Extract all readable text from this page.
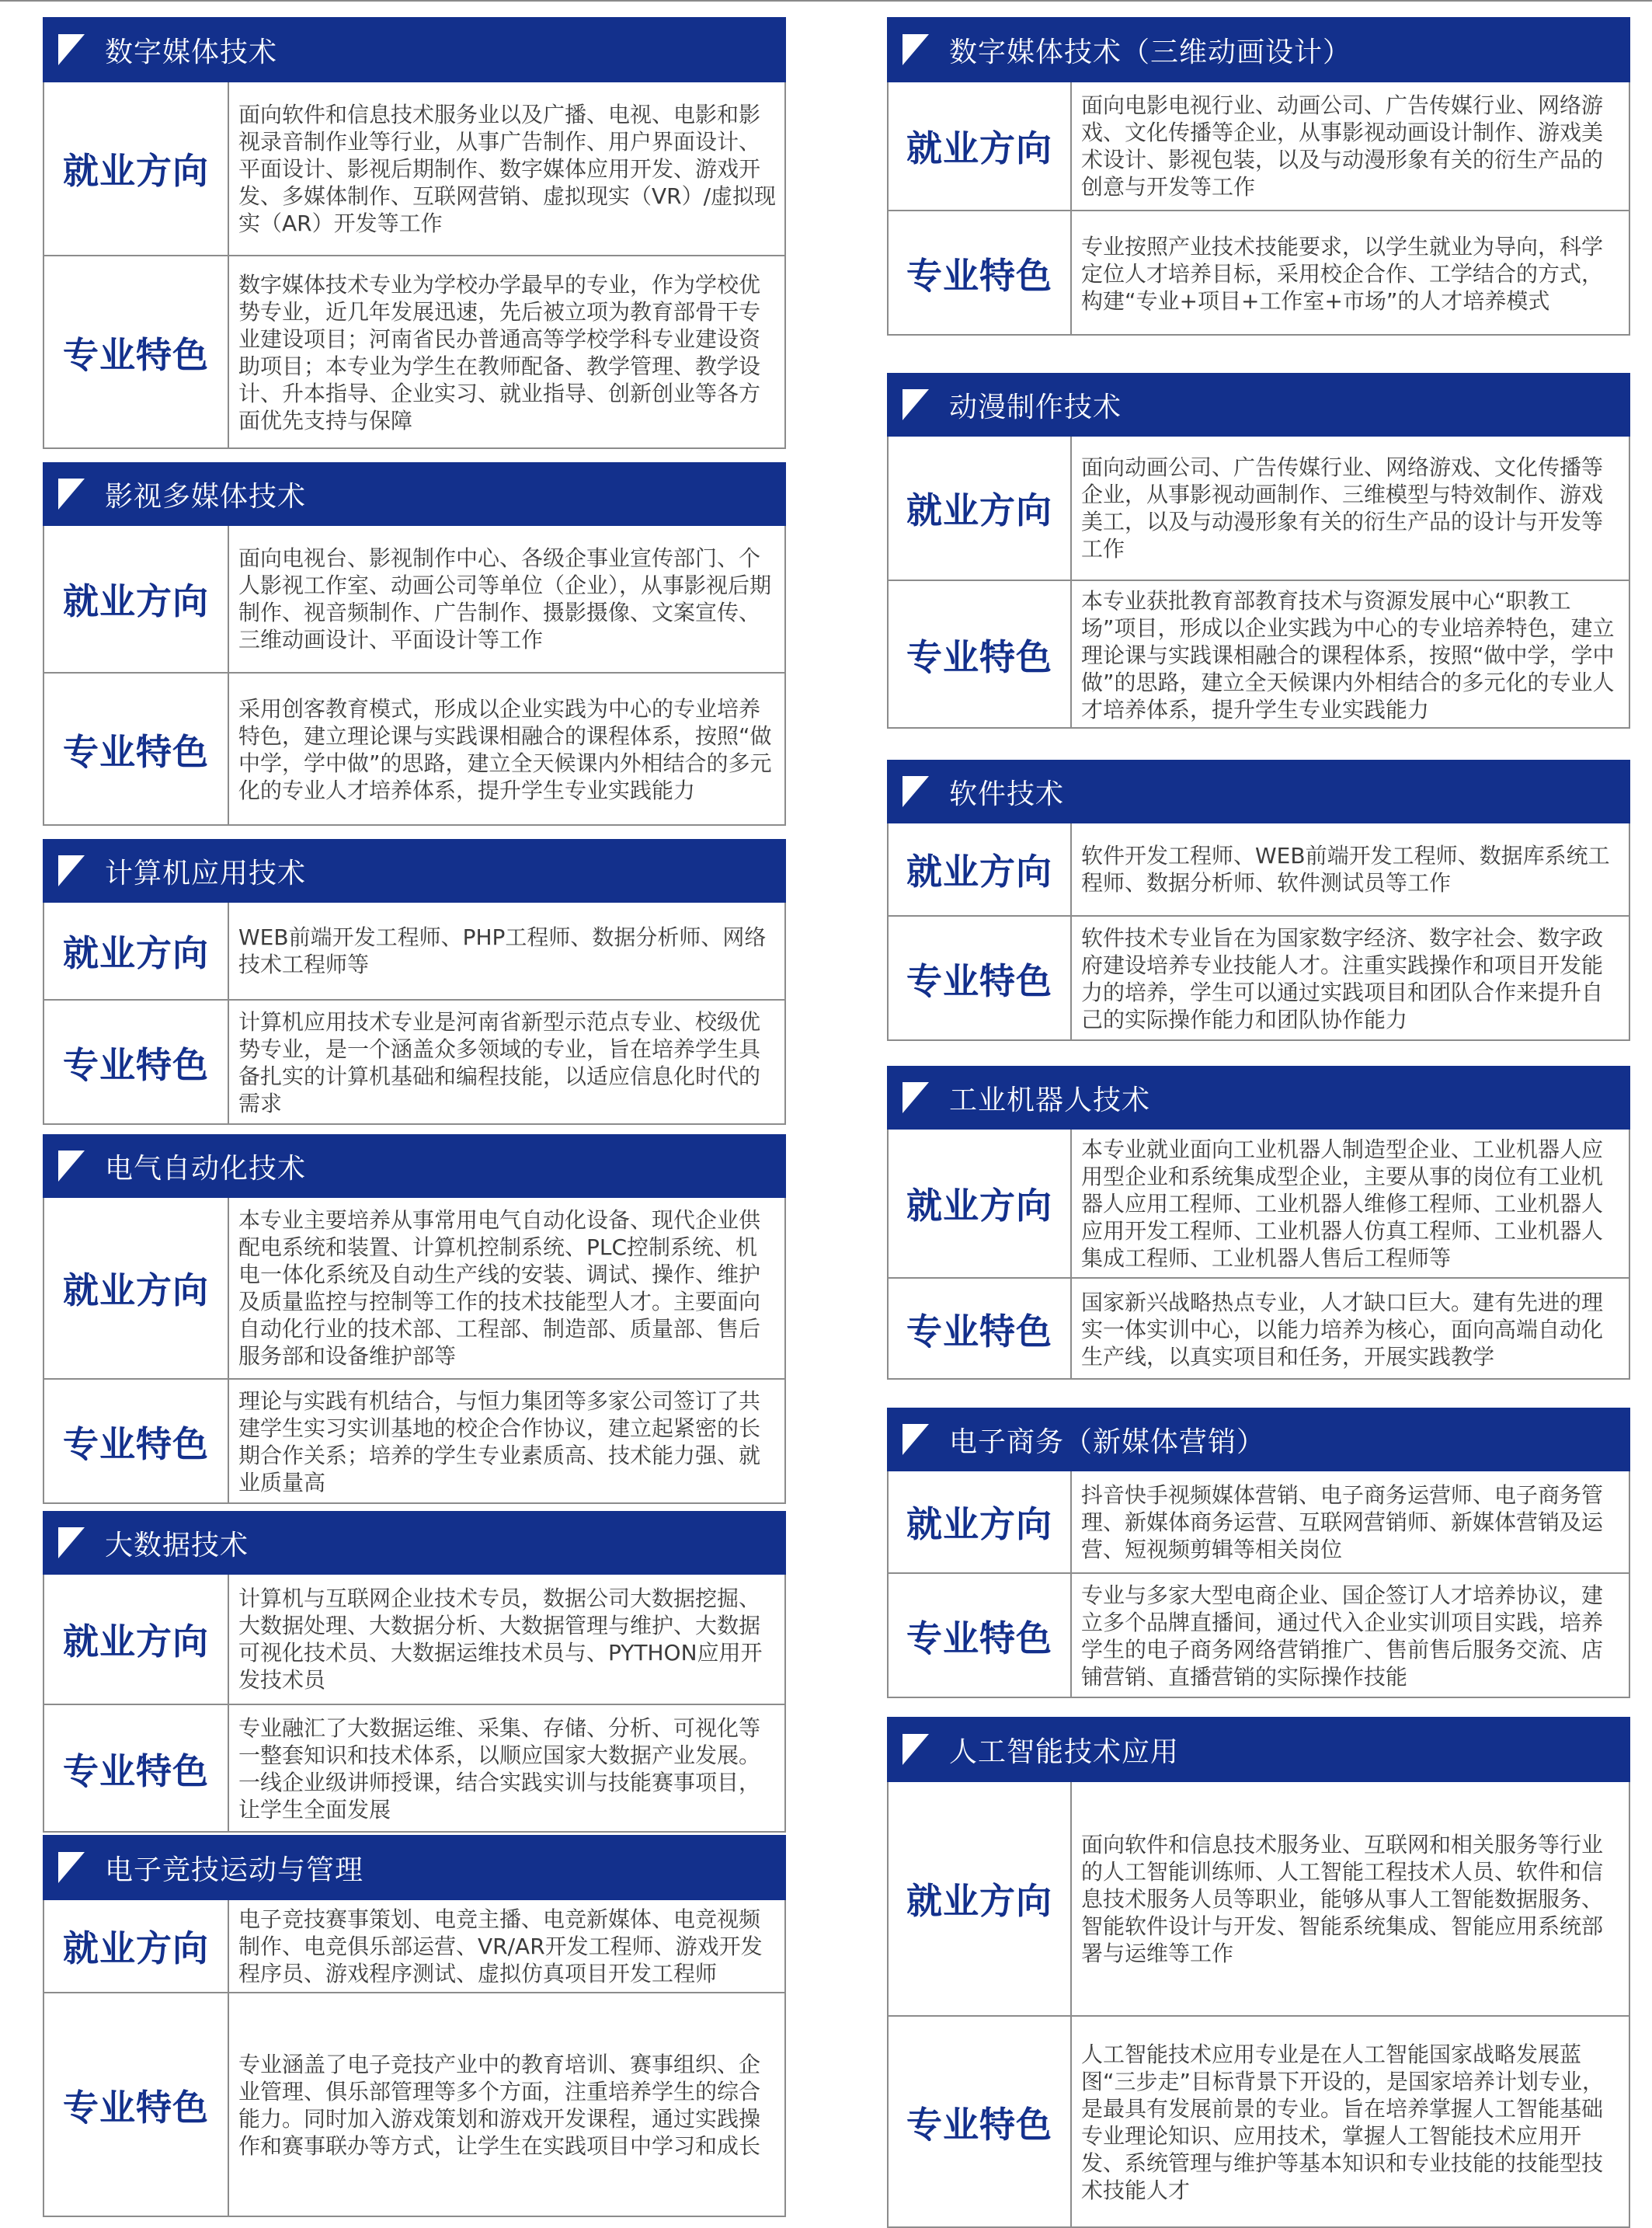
数字媒体技术
就业方向
面向软件和信息技术服务业以及广播、电视、电影和影视录音制作业等行业，从事广告制作、用户界面设计、平面设计、影视后期制作、数字媒体应用开发、游戏开发、多媒体制作、互联网营销、虚拟现实（VR）/虚拟现实（AR）开发等工作
专业特色
数字媒体技术专业为学校办学最早的专业，作为学校优势专业，近几年发展迅速，先后被立项为教育部骨干专业建设项目；河南省民办普通高等学校学科专业建设资助项目；本专业为学生在教师配备、教学管理、教学设计、升本指导、企业实习、就业指导、创新创业等各方面优先支持与保障
影视多媒体技术
就业方向
面向电视台、影视制作中心、各级企事业宣传部门、个人影视工作室、动画公司等单位（企业），从事影视后期制作、视音频制作、广告制作、摄影摄像、文案宣传、三维动画设计、平面设计等工作
专业特色
采用创客教育模式，形成以企业实践为中心的专业培养特色，建立理论课与实践课相融合的课程体系，按照“做中学，学中做”的思路，建立全天候课内外相结合的多元化的专业人才培养体系，提升学生专业实践能力
计算机应用技术
就业方向	WEB前端开发工程师、PHP工程师、数据分析师、网络技术工程师等
专业特色
计算机应用技术专业是河南省新型示范点专业、校级优势专业，是一个涵盖众多领域的专业，旨在培养学生具备扎实的计算机基础和编程技能，以适应信息化时代的需求
电气自动化技术
就业方向
本专业主要培养从事常用电气自动化设备、现代企业供配电系统和装置、计算机控制系统、PLC控制系统、机电一体化系统及自动生产线的安装、调试、操作、维护及质量监控与控制等工作的技术技能型人才。主要面向自动化行业的技术部、工程部、制造部、质量部、售后服务部和设备维护部等
专业特色
理论与实践有机结合，与恒力集团等多家公司签订了共建学生实习实训基地的校企合作协议，建立起紧密的长期合作关系；培养的学生专业素质高、技术能力强、就业质量高
大数据技术
就业方向
计算机与互联网企业技术专员，数据公司大数据挖掘、大数据处理、大数据分析、大数据管理与维护、大数据可视化技术员、大数据运维技术员与、PYTHON应用开发技术员
专业特色
专业融汇了大数据运维、采集、存储、分析、可视化等一整套知识和技术体系，以顺应国家大数据产业发展。一线企业级讲师授课，结合实践实训与技能赛事项目，让学生全面发展
电子竞技运动与管理
就业方向
电子竞技赛事策划、电竞主播、电竞新媒体、电竞视频制作、电竞俱乐部运营、VR/AR开发工程师、游戏开发程序员、游戏程序测试、虚拟仿真项目开发工程师
专业特色
专业涵盖了电子竞技产业中的教育培训、赛事组织、企业管理、俱乐部管理等多个方面，注重培养学生的综合能力。同时加入游戏策划和游戏开发课程，通过实践操作和赛事联办等方式，让学生在实践项目中学习和成长
数字媒体技术（三维动画设计）
就业方向
面向电影电视行业、动画公司、广告传媒行业、网络游戏、文化传播等企业，从事影视动画设计制作、游戏美术设计、影视包装，以及与动漫形象有关的衍生产品的创意与开发等工作
专业特色
专业按照产业技术技能要求，以学生就业为导向，科学定位人才培养目标，采用校企合作、工学结合的方式，构建“专业+项目+工作室+市场”的人才培养模式
动漫制作技术
就业方向
面向动画公司、广告传媒行业、网络游戏、文化传播等企业，从事影视动画制作、三维模型与特效制作、游戏美工，以及与动漫形象有关的衍生产品的设计与开发等工作
专业特色
本专业获批教育部教育技术与资源发展中心“职教工场”项目，形成以企业实践为中心的专业培养特色，建立理论课与实践课相融合的课程体系，按照“做中学，学中做”的思路，建立全天候课内外相结合的多元化的专业人才培养体系，提升学生专业实践能力
软件技术
就业方向	软件开发工程师、WEB前端开发工程师、数据库系统工程师、数据分析师、软件测试员等工作
专业特色
软件技术专业旨在为国家数字经济、数字社会、数字政府建设培养专业技能人才。注重实践操作和项目开发能力的培养，学生可以通过实践项目和团队合作来提升自己的实际操作能力和团队协作能力
工业机器人技术
就业方向
本专业就业面向工业机器人制造型企业、工业机器人应用型企业和系统集成型企业，主要从事的岗位有工业机器人应用工程师、工业机器人维修工程师、工业机器人应用开发工程师、工业机器人仿真工程师、工业机器人集成工程师、工业机器人售后工程师等
专业特色
国家新兴战略热点专业，人才缺口巨大。建有先进的理实一体实训中心，以能力培养为核心，面向高端自动化生产线，以真实项目和任务，开展实践教学
电子商务（新媒体营销）
就业方向
抖音快手视频媒体营销、电子商务运营师、电子商务管理、新媒体商务运营、互联网营销师、新媒体营销及运营、短视频剪辑等相关岗位
专业特色
专业与多家大型电商企业、国企签订人才培养协议，建立多个品牌直播间，通过代入企业实训项目实践，培养学生的电子商务网络营销推广、售前售后服务交流、店铺营销、直播营销的实际操作技能
人工智能技术应用
就业方向
面向软件和信息技术服务业、互联网和相关服务等行业的人工智能训练师、人工智能工程技术人员、软件和信息技术服务人员等职业，能够从事人工智能数据服务、智能软件设计与开发、智能系统集成、智能应用系统部署与运维等工作
专业特色
人工智能技术应用专业是在人工智能国家战略发展蓝图“三步走”目标背景下开设的，是国家培养计划专业，是最具有发展前景的专业。旨在培养掌握人工智能基础专业理论知识、应用技术，掌握人工智能技术应用开发、系统管理与维护等基本知识和专业技能的技能型技术技能人才
